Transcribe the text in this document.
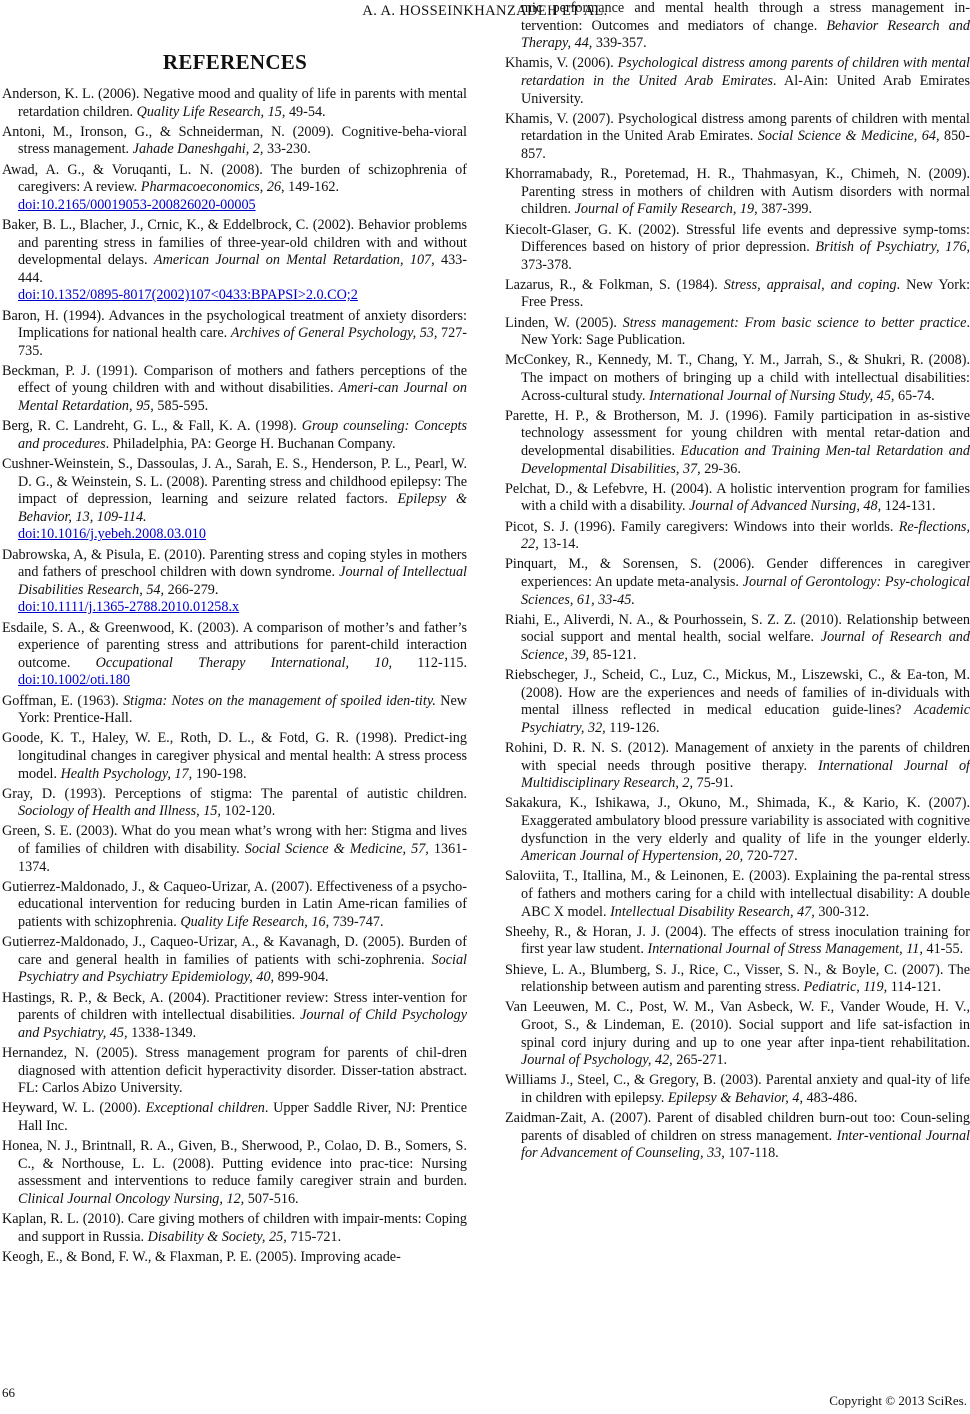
A. A. HOSSEINKHANZADEH ET AL.
REFERENCES

Anderson, K. L. (2006). Negative mood and quality of life in parents with mental retardation children. Quality Life Research, 15, 49-54.

Antoni, M., Ironson, G., & Schneiderman, N. (2009). Cognitive-beha-vioral stress management. Jahade Daneshgahi, 2, 33-230.

Awad, A. G., & Voruqanti, L. N. (2008). The burden of schizophrenia of caregivers: A review. Pharmacoeconomics, 26, 149-162.
doi:10.2165/00019053-200826020-00005

Baker, B. L., Blacher, J., Crnic, K., & Eddelbrock, C. (2002). Behavior problems and parenting stress in families of three-year-old children with and without developmental delays. American Journal on Mental Retardation, 107, 433-444.
doi:10.1352/0895-8017(2002)107<0433:BPAPSI>2.0.CO;2

Baron, H. (1994). Advances in the psychological treatment of anxiety disorders: Implications for national health care. Archives of General Psychology, 53, 727-735.

Beckman, P. J. (1991). Comparison of mothers and fathers perceptions of the effect of young children with and without disabilities. Ameri-can Journal on Mental Retardation, 95, 585-595.

Berg, R. C. Landreht, G. L., & Fall, K. A. (1998). Group counseling: Concepts and procedures. Philadelphia, PA: George H. Buchanan Company.

Cushner-Weinstein, S., Dassoulas, J. A., Sarah, E. S., Henderson, P. L., Pearl, W. D. G., & Weinstein, S. L. (2008). Parenting stress and childhood epilepsy: The impact of depression, learning and seizure related factors. Epilepsy & Behavior, 13, 109-114.
doi:10.1016/j.yebeh.2008.03.010

Dabrowska, A, & Pisula, E. (2010). Parenting stress and coping styles in mothers and fathers of preschool children with down syndrome. Journal of Intellectual Disabilities Research, 54, 266-279.
doi:10.1111/j.1365-2788.2010.01258.x

Esdaile, S. A., & Greenwood, K. (2003). A comparison of mother’s and father’s experience of parenting stress and attributions for parent-child interaction outcome. Occupational Therapy International, 10, 112-115. doi:10.1002/oti.180

Goffman, E. (1963). Stigma: Notes on the management of spoiled iden-tity. New York: Prentice-Hall.

Goode, K. T., Haley, W. E., Roth, D. L., & Fotd, G. R. (1998). Predict-ing longitudinal changes in caregiver physical and mental health: A stress process model. Health Psychology, 17, 190-198.

Gray, D. (1993). Perceptions of stigma: The parental of autistic children. Sociology of Health and Illness, 15, 102-120.

Green, S. E. (2003). What do you mean what’s wrong with her: Stigma and lives of families of children with disability. Social Science & Medicine, 57, 1361-1374.

Gutierrez-Maldonado, J., & Caqueo-Urizar, A. (2007). Effectiveness of a psycho-educational intervention for reducing burden in Latin Ame-rican families of patients with schizophrenia. Quality Life Research, 16, 739-747.

Gutierrez-Maldonado, J., Caqueo-Urizar, A., & Kavanagh, D. (2005). Burden of care and general health in families of patients with schi-zophrenia. Social Psychiatry and Psychiatry Epidemiology, 40, 899-904.

Hastings, R. P., & Beck, A. (2004). Practitioner review: Stress inter-vention for parents of children with intellectual disabilities. Journal of Child Psychology and Psychiatry, 45, 1338-1349.

Hernandez, N. (2005). Stress management program for parents of chil-dren diagnosed with attention deficit hyperactivity disorder. Disser-tation abstract. FL: Carlos Abizo University.

Heyward, W. L. (2000). Exceptional children. Upper Saddle River, NJ: Prentice Hall Inc.

Honea, N. J., Brintnall, R. A., Given, B., Sherwood, P., Colao, D. B., Somers, S. C., & Northouse, L. L. (2008). Putting evidence into prac-tice: Nursing assessment and interventions to reduce family caregiver strain and burden. Clinical Journal Oncology Nursing, 12, 507-516.

Kaplan, R. L. (2010). Care giving mothers of children with impair-ments: Coping and support in Russia. Disability & Society, 25, 715-721.

Keogh, E., & Bond, F. W., & Flaxman, P. E. (2005). Improving acade-

mic performance and mental health through a stress management in-tervention: Outcomes and mediators of change. Behavior Research and Therapy, 44, 339-357.

Khamis, V. (2006). Psychological distress among parents of children with mental retardation in the United Arab Emirates. Al-Ain: United Arab Emirates University.

Khamis, V. (2007). Psychological distress among parents of children with mental retardation in the United Arab Emirates. Social Science & Medicine, 64, 850-857.

Khorramabady, R., Poretemad, H. R., Thahmasyan, K., Chimeh, N. (2009). Parenting stress in mothers of children with Autism disorders with normal children. Journal of Family Research, 19, 387-399.

Kiecolt-Glaser, G. K. (2002). Stressful life events and depressive symp-toms: Differences based on history of prior depression. British of Psychiatry, 176, 373-378.

Lazarus, R., & Folkman, S. (1984). Stress, appraisal, and coping. New York: Free Press.

Linden, W. (2005). Stress management: From basic science to better practice. New York: Sage Publication.

McConkey, R., Kennedy, M. T., Chang, Y. M., Jarrah, S., & Shukri, R. (2008). The impact on mothers of bringing up a child with intellectual disabilities: Across-cultural study. International Journal of Nursing Study, 45, 65-74.

Parette, H. P., & Brotherson, M. J. (1996). Family participation in as-sistive technology assessment for young children with mental retar-dation and developmental disabilities. Education and Training Men-tal Retardation and Developmental Disabilities, 37, 29-36.

Pelchat, D., & Lefebvre, H. (2004). A holistic intervention program for families with a child with a disability. Journal of Advanced Nursing, 48, 124-131.

Picot, S. J. (1996). Family caregivers: Windows into their worlds. Re-flections, 22, 13-14.

Pinquart, M., & Sorensen, S. (2006). Gender differences in caregiver experiences: An update meta-analysis. Journal of Gerontology: Psy-chological Sciences, 61, 33-45.

Riahi, E., Aliverdi, N. A., & Pourhossein, S. Z. Z. (2010). Relationship between social support and mental health, social welfare. Journal of Research and Science, 39, 85-121.

Riebscheger, J., Scheid, C., Luz, C., Mickus, M., Liszewski, C., & Ea-ton, M. (2008). How are the experiences and needs of families of in-dividuals with mental illness reflected in medical education guide-lines? Academic Psychiatry, 32, 119-126.

Rohini, D. R. N. S. (2012). Management of anxiety in the parents of children with special needs through positive therapy. International Journal of Multidisciplinary Research, 2, 75-91.

Sakakura, K., Ishikawa, J., Okuno, M., Shimada, K., & Kario, K. (2007). Exaggerated ambulatory blood pressure variability is associated with cognitive dysfunction in the very elderly and quality of life in the younger elderly. American Journal of Hypertension, 20, 720-727.

Saloviita, T., Itallina, M., & Leinonen, E. (2003). Explaining the pa-rental stress of fathers and mothers caring for a child with intellectual disability: A double ABC X model. Intellectual Disability Research, 47, 300-312.

Sheehy, R., & Horan, J. J. (2004). The effects of stress inoculation training for first year law student. International Journal of Stress Management, 11, 41-55.

Shieve, L. A., Blumberg, S. J., Rice, C., Visser, S. N., & Boyle, C. (2007). The relationship between autism and parenting stress. Pediatric, 119, 114-121.

Van Leeuwen, M. C., Post, W. M., Van Asbeck, W. F., Vander Woude, H. V., Groot, S., & Lindeman, E. (2010). Social support and life sat-isfaction in spinal cord injury during and up to one year after inpa-tient rehabilitation. Journal of Psychology, 42, 265-271.

Williams J., Steel, C., & Gregory, B. (2003). Parental anxiety and qual-ity of life in children with epilepsy. Epilepsy & Behavior, 4, 483-486.

Zaidman-Zait, A. (2007). Parent of disabled children burn-out too: Coun-seling parents of disabled of children on stress management. Inter-ventional Journal for Advancement of Counseling, 33, 107-118.

66
Copyright © 2013 SciRes.
